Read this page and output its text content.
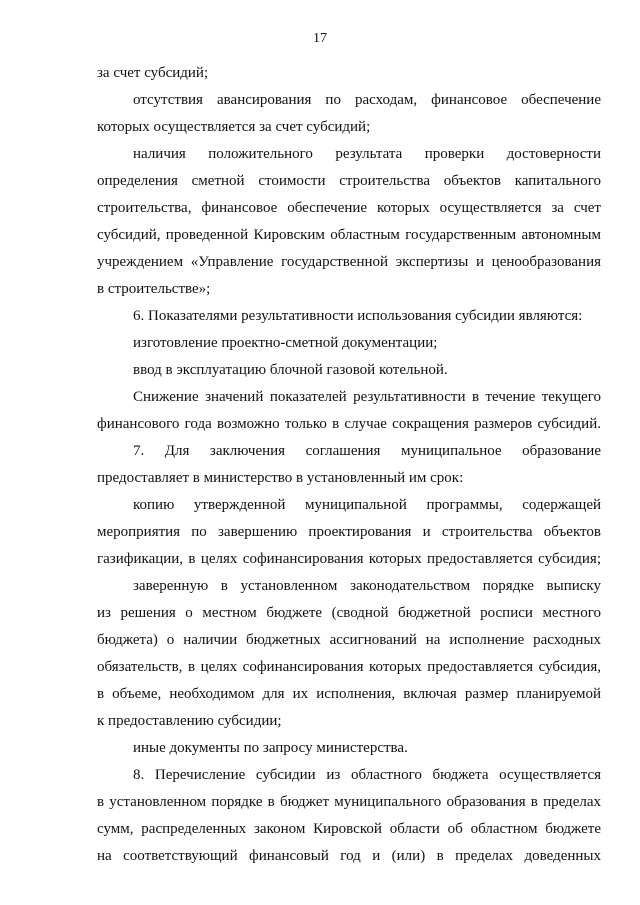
17
за счет субсидий;
отсутствия авансирования по расходам, финансовое обеспечение
которых осуществляется за счет субсидий;
наличия положительного результата проверки достоверности
определения сметной стоимости строительства объектов капитального
строительства, финансовое обеспечение которых осуществляется за счет
субсидий, проведенной Кировским областным государственным автономным
учреждением «Управление государственной экспертизы и ценообразования
в строительстве»;
6. Показателями результативности использования субсидии являются:
изготовление проектно-сметной документации;
ввод в эксплуатацию блочной газовой котельной.
Снижение значений показателей результативности в течение текущего
финансового года возможно только в случае сокращения размеров субсидий.
7. Для заключения соглашения муниципальное образование
предоставляет в министерство в установленный им срок:
копию утвержденной муниципальной программы, содержащей
мероприятия по завершению проектирования и строительства объектов
газификации, в целях софинансирования которых предоставляется субсидия;
заверенную в установленном законодательством порядке выписку
из решения о местном бюджете (сводной бюджетной росписи местного
бюджета) о наличии бюджетных ассигнований на исполнение расходных
обязательств, в целях софинансирования которых предоставляется субсидия,
в объеме, необходимом для их исполнения, включая размер планируемой
к предоставлению субсидии;
иные документы по запросу министерства.
8. Перечисление субсидии из областного бюджета осуществляется
в установленном порядке в бюджет муниципального образования в пределах
сумм, распределенных законом Кировской области об областном бюджете
на соответствующий финансовый год и (или) в пределах доведенных
